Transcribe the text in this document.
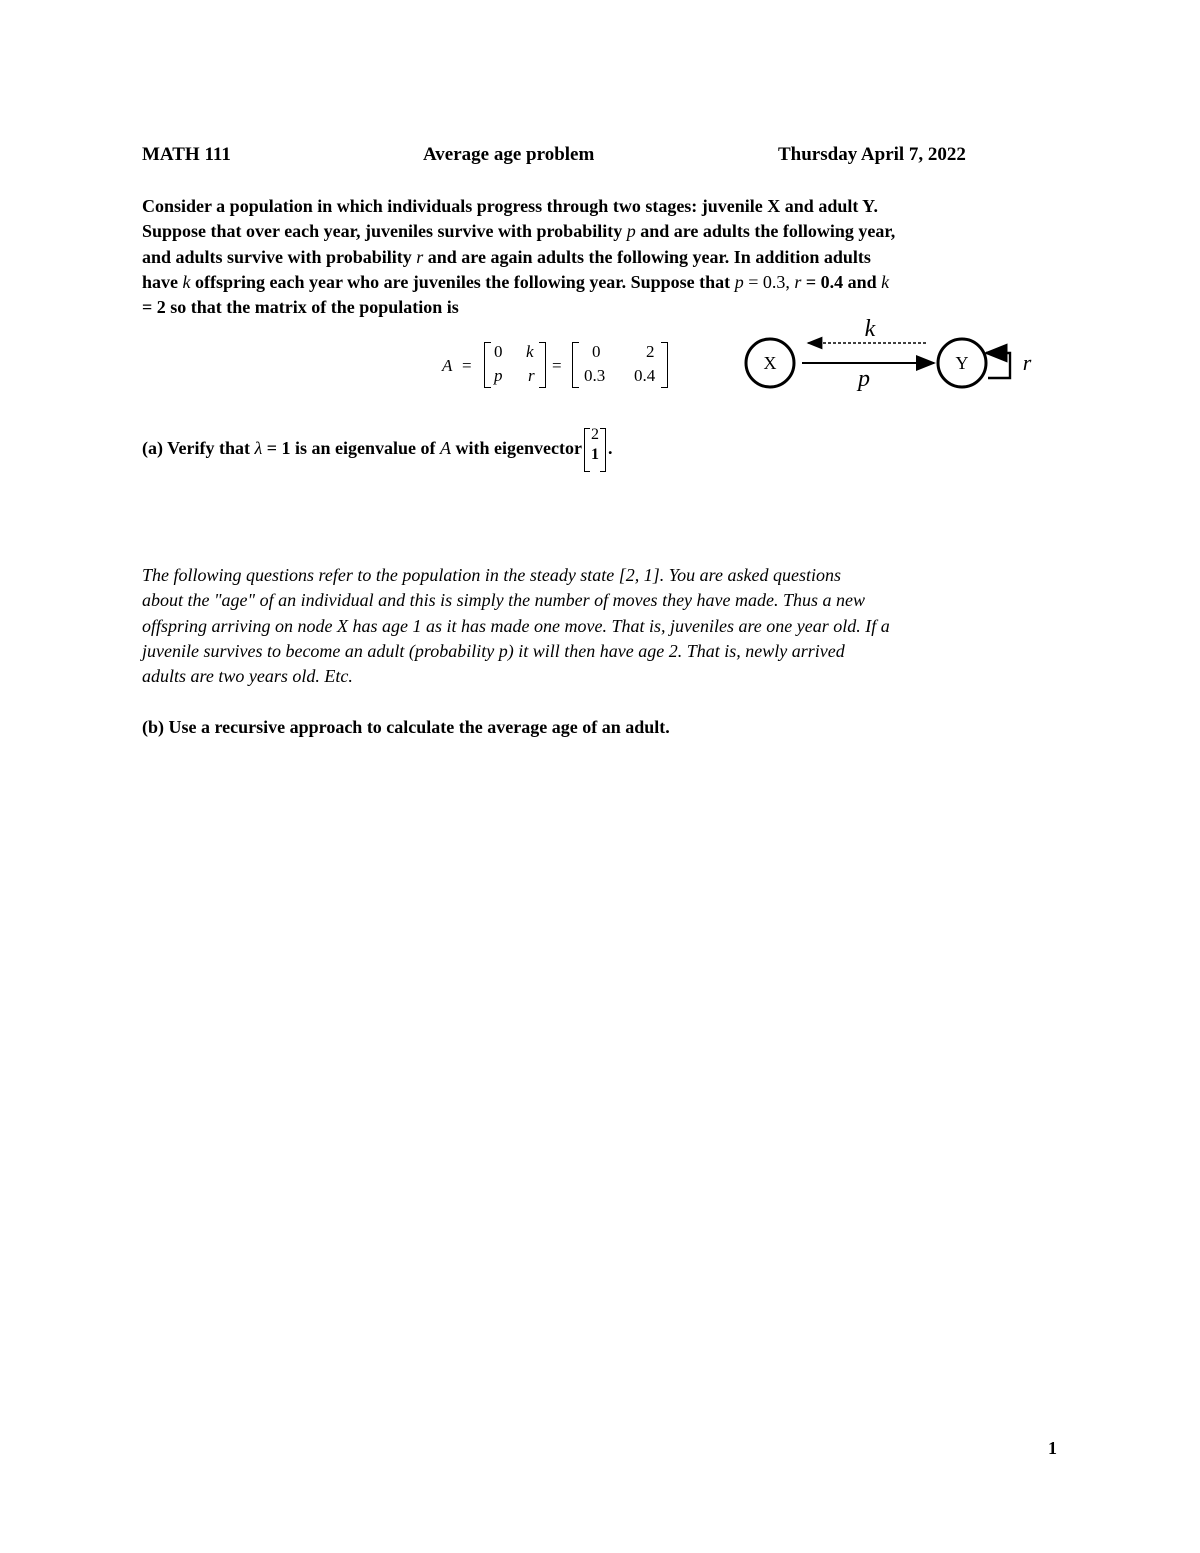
MATH 111	Average age problem	Thursday April 7, 2022
Consider a population in which individuals progress through two stages: juvenile X and adult Y.
Suppose that over each year, juveniles survive with probability p and are adults the following year,
and adults survive with probability r and are again adults the following year. In addition adults
have k offspring each year who are juveniles the following year. Suppose that p = 0.3, r = 0.4 and k
= 2 so that the matrix of the population is
A =
0 k
p r
=
0	2
0.3 0.4
X	Y
k
p
r
(a) Verify that λ = 1 is an eigenvalue of A with eigenvector
2
1 .
The following questions refer to the population in the steady state [2, 1]. You are asked questions
about the "age" of an individual and this is simply the number of moves they have made. Thus a new
offspring arriving on node X has age 1 as it has made one move. That is, juveniles are one year old. If a
juvenile survives to become an adult (probability p) it will then have age 2. That is, newly arrived
adults are two years old. Etc.
(b) Use a recursive approach to calculate the average age of an adult.
1
